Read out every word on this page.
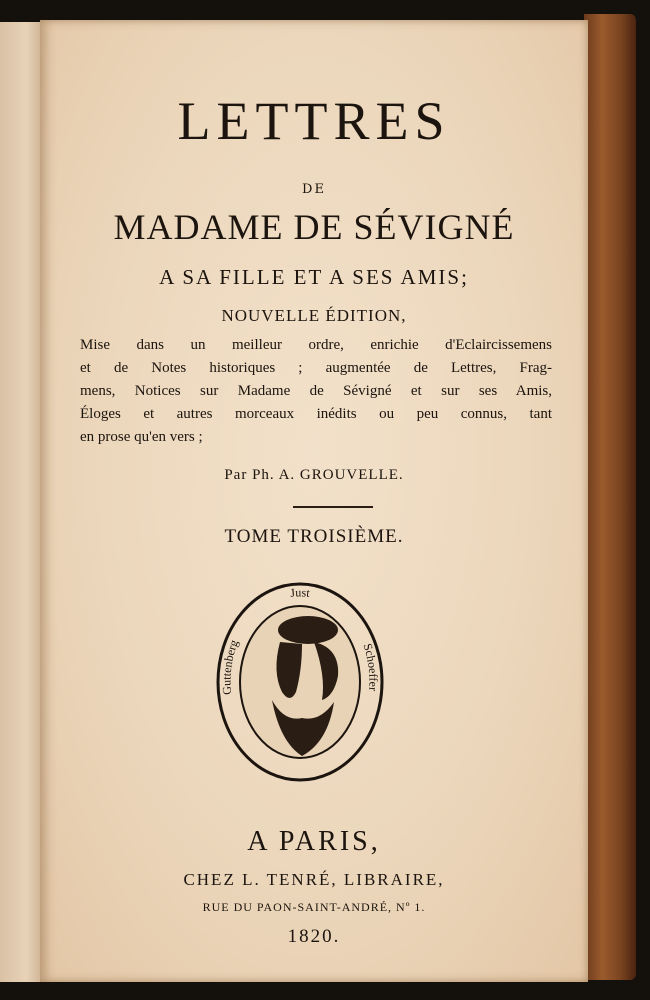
LETTRES
DE
MADAME DE SÉVIGNÉ
A SA FILLE ET A SES AMIS;
NOUVELLE ÉDITION,
Mise dans un meilleur ordre, enrichie d'Eclaircissemens
et de Notes historiques ; augmentée de Lettres, Frag-
mens, Notices sur Madame de Sévigné et sur ses Amis,
Éloges et autres morceaux inédits ou peu connus, tant
en prose qu'en vers ;
Par Ph. A. GROUVELLE.
TOME TROISIÈME.
Just
Guttenberg	Schoeffer
A PARIS,
CHEZ L. TENRÉ, LIBRAIRE,
RUE DU PAON-SAINT-ANDRÉ, Nº 1.
1820.
